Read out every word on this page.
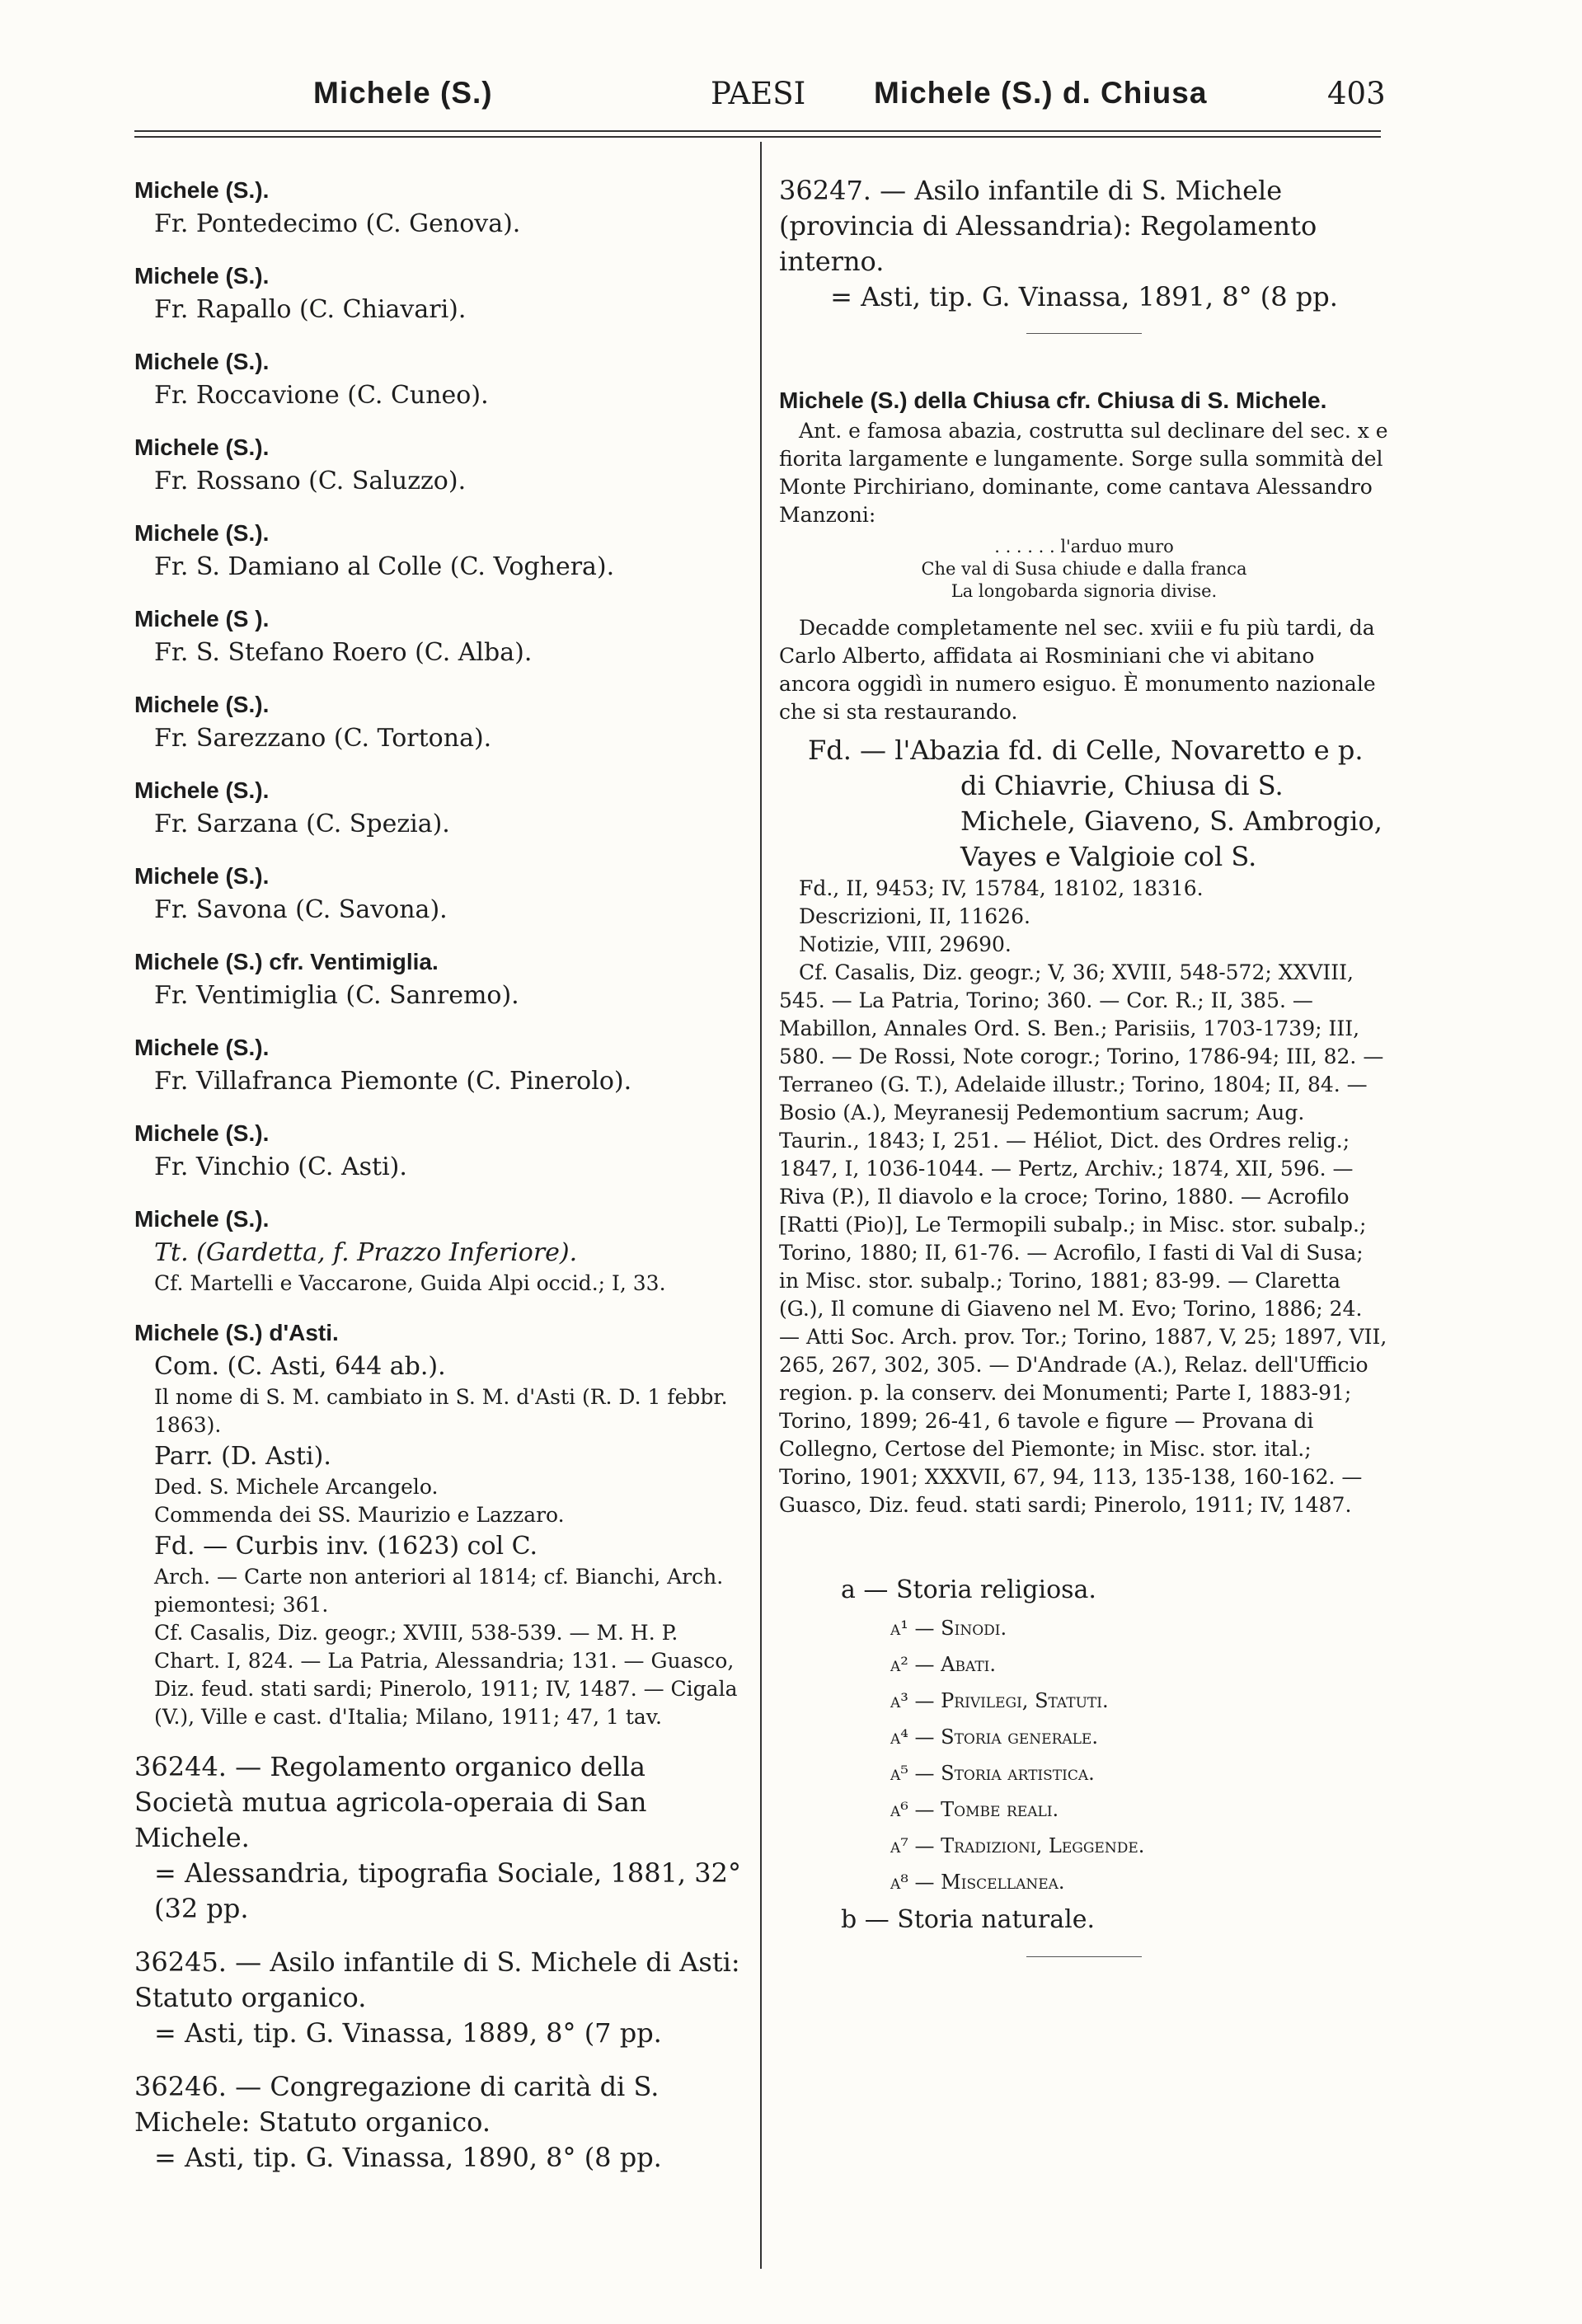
Michele (S.)	PAESI Michele (S.) d. Chiusa	403
Michele (S.).
Fr. Pontedecimo (C. Genova).
Michele (S.).
Fr. Rapallo (C. Chiavari).
Michele (S.).
Fr. Roccavione (C. Cuneo).
Michele (S.).
Fr. Rossano (C. Saluzzo).
Michele (S.).
Fr. S. Damiano al Colle (C. Voghera).
Michele (S ).
Fr. S. Stefano Roero (C. Alba).
Michele (S.).
Fr. Sarezzano (C. Tortona).
Michele (S.).
Fr. Sarzana (C. Spezia).
Michele (S.).
Fr. Savona (C. Savona).
Michele (S.) cfr. Ventimiglia.
Fr. Ventimiglia (C. Sanremo).
Michele (S.).
Fr. Villafranca Piemonte (C. Pinerolo).
Michele (S.).
Fr. Vinchio (C. Asti).
Michele (S.).
Tt. (Gardetta, f. Prazzo Inferiore).
Cf. Martelli e Vaccarone, Guida Alpi occid.; I, 33.
Michele (S.) d'Asti.
Com. (C. Asti, 644 ab.).
Il nome di S. M. cambiato in S. M. d'Asti (R. D. 1 febbr. 1863).
Parr. (D. Asti).
Ded. S. Michele Arcangelo.
Commenda dei SS. Maurizio e Lazzaro.
Fd. — Curbis inv. (1623) col C.
Arch. — Carte non anteriori al 1814; cf. Bianchi, Arch. piemontesi; 361.
Cf. Casalis, Diz. geogr.; XVIII, 538-539. — M. H. P. Chart. I, 824. — La Patria, Alessandria; 131. — Guasco, Diz. feud. stati sardi; Pinerolo, 1911; IV, 1487. — Cigala (V.), Ville e cast. d'Italia; Milano, 1911; 47, 1 tav.
36244. — Regolamento organico della Società mutua agricola-operaia di San Michele.
= Alessandria, tipografia Sociale, 1881, 32° (32 pp.
36245. — Asilo infantile di S. Michele di Asti: Statuto organico.
= Asti, tip. G. Vinassa, 1889, 8° (7 pp.
36246. — Congregazione di carità di S. Michele: Statuto organico.
= Asti, tip. G. Vinassa, 1890, 8° (8 pp.
36247. — Asilo infantile di S. Michele (provincia di Alessandria): Regolamento interno.
= Asti, tip. G. Vinassa, 1891, 8° (8 pp.
Michele (S.) della Chiusa cfr. Chiusa di S. Michele.
Ant. e famosa abazia, costrutta sul declinare del sec. x e fiorita largamente e lungamente. Sorge sulla sommità del Monte Pirchiriano, dominante, come cantava Alessandro Manzoni:
. . . . . . l'arduo muro
Che val di Susa chiude e dalla franca
La longobarda signoria divise.
Decadde completamente nel sec. xviii e fu più tardi, da Carlo Alberto, affidata ai Rosminiani che vi abitano ancora oggidì in numero esiguo. È monumento nazionale che si sta restaurando.
Fd. — l'Abazia fd. di Celle, Novaretto e p. di Chiavrie, Chiusa di S. Michele, Giaveno, S. Ambrogio, Vayes e Valgioie col S.
Fd., II, 9453; IV, 15784, 18102, 18316.
Descrizioni, II, 11626.
Notizie, VIII, 29690.
Cf. Casalis, Diz. geogr.; V, 36; XVIII, 548-572; XXVIII, 545. — La Patria, Torino; 360. — Cor. R.; II, 385. — Mabillon, Annales Ord. S. Ben.; Parisiis, 1703-1739; III, 580. — De Rossi, Note corogr.; Torino, 1786-94; III, 82. — Terraneo (G. T.), Adelaide illustr.; Torino, 1804; II, 84. — Bosio (A.), Meyranesij Pedemontium sacrum; Aug. Taurin., 1843; I, 251. — Héliot, Dict. des Ordres relig.; 1847, I, 1036-1044. — Pertz, Archiv.; 1874, XII, 596. — Riva (P.), Il diavolo e la croce; Torino, 1880. — Acrofilo [Ratti (Pio)], Le Termopili subalp.; in Misc. stor. subalp.; Torino, 1880; II, 61-76. — Acrofilo, I fasti di Val di Susa; in Misc. stor. subalp.; Torino, 1881; 83-99. — Claretta (G.), Il comune di Giaveno nel M. Evo; Torino, 1886; 24. — Atti Soc. Arch. prov. Tor.; Torino, 1887, V, 25; 1897, VII, 265, 267, 302, 305. — D'Andrade (A.), Relaz. dell'Ufficio region. p. la conserv. dei Monumenti; Parte I, 1883-91; Torino, 1899; 26-41, 6 tavole e figure — Provana di Collegno, Certose del Piemonte; in Misc. stor. ital.; Torino, 1901; XXXVII, 67, 94, 113, 135-138, 160-162. — Guasco, Diz. feud. stati sardi; Pinerolo, 1911; IV, 1487.
a — Storia religiosa.
a¹ — Sinodi.
a² — Abati.
a³ — Privilegi, Statuti.
a⁴ — Storia generale.
a⁵ — Storia artistica.
a⁶ — Tombe reali.
a⁷ — Tradizioni, Leggende.
a⁸ — Miscellanea.
b — Storia naturale.
